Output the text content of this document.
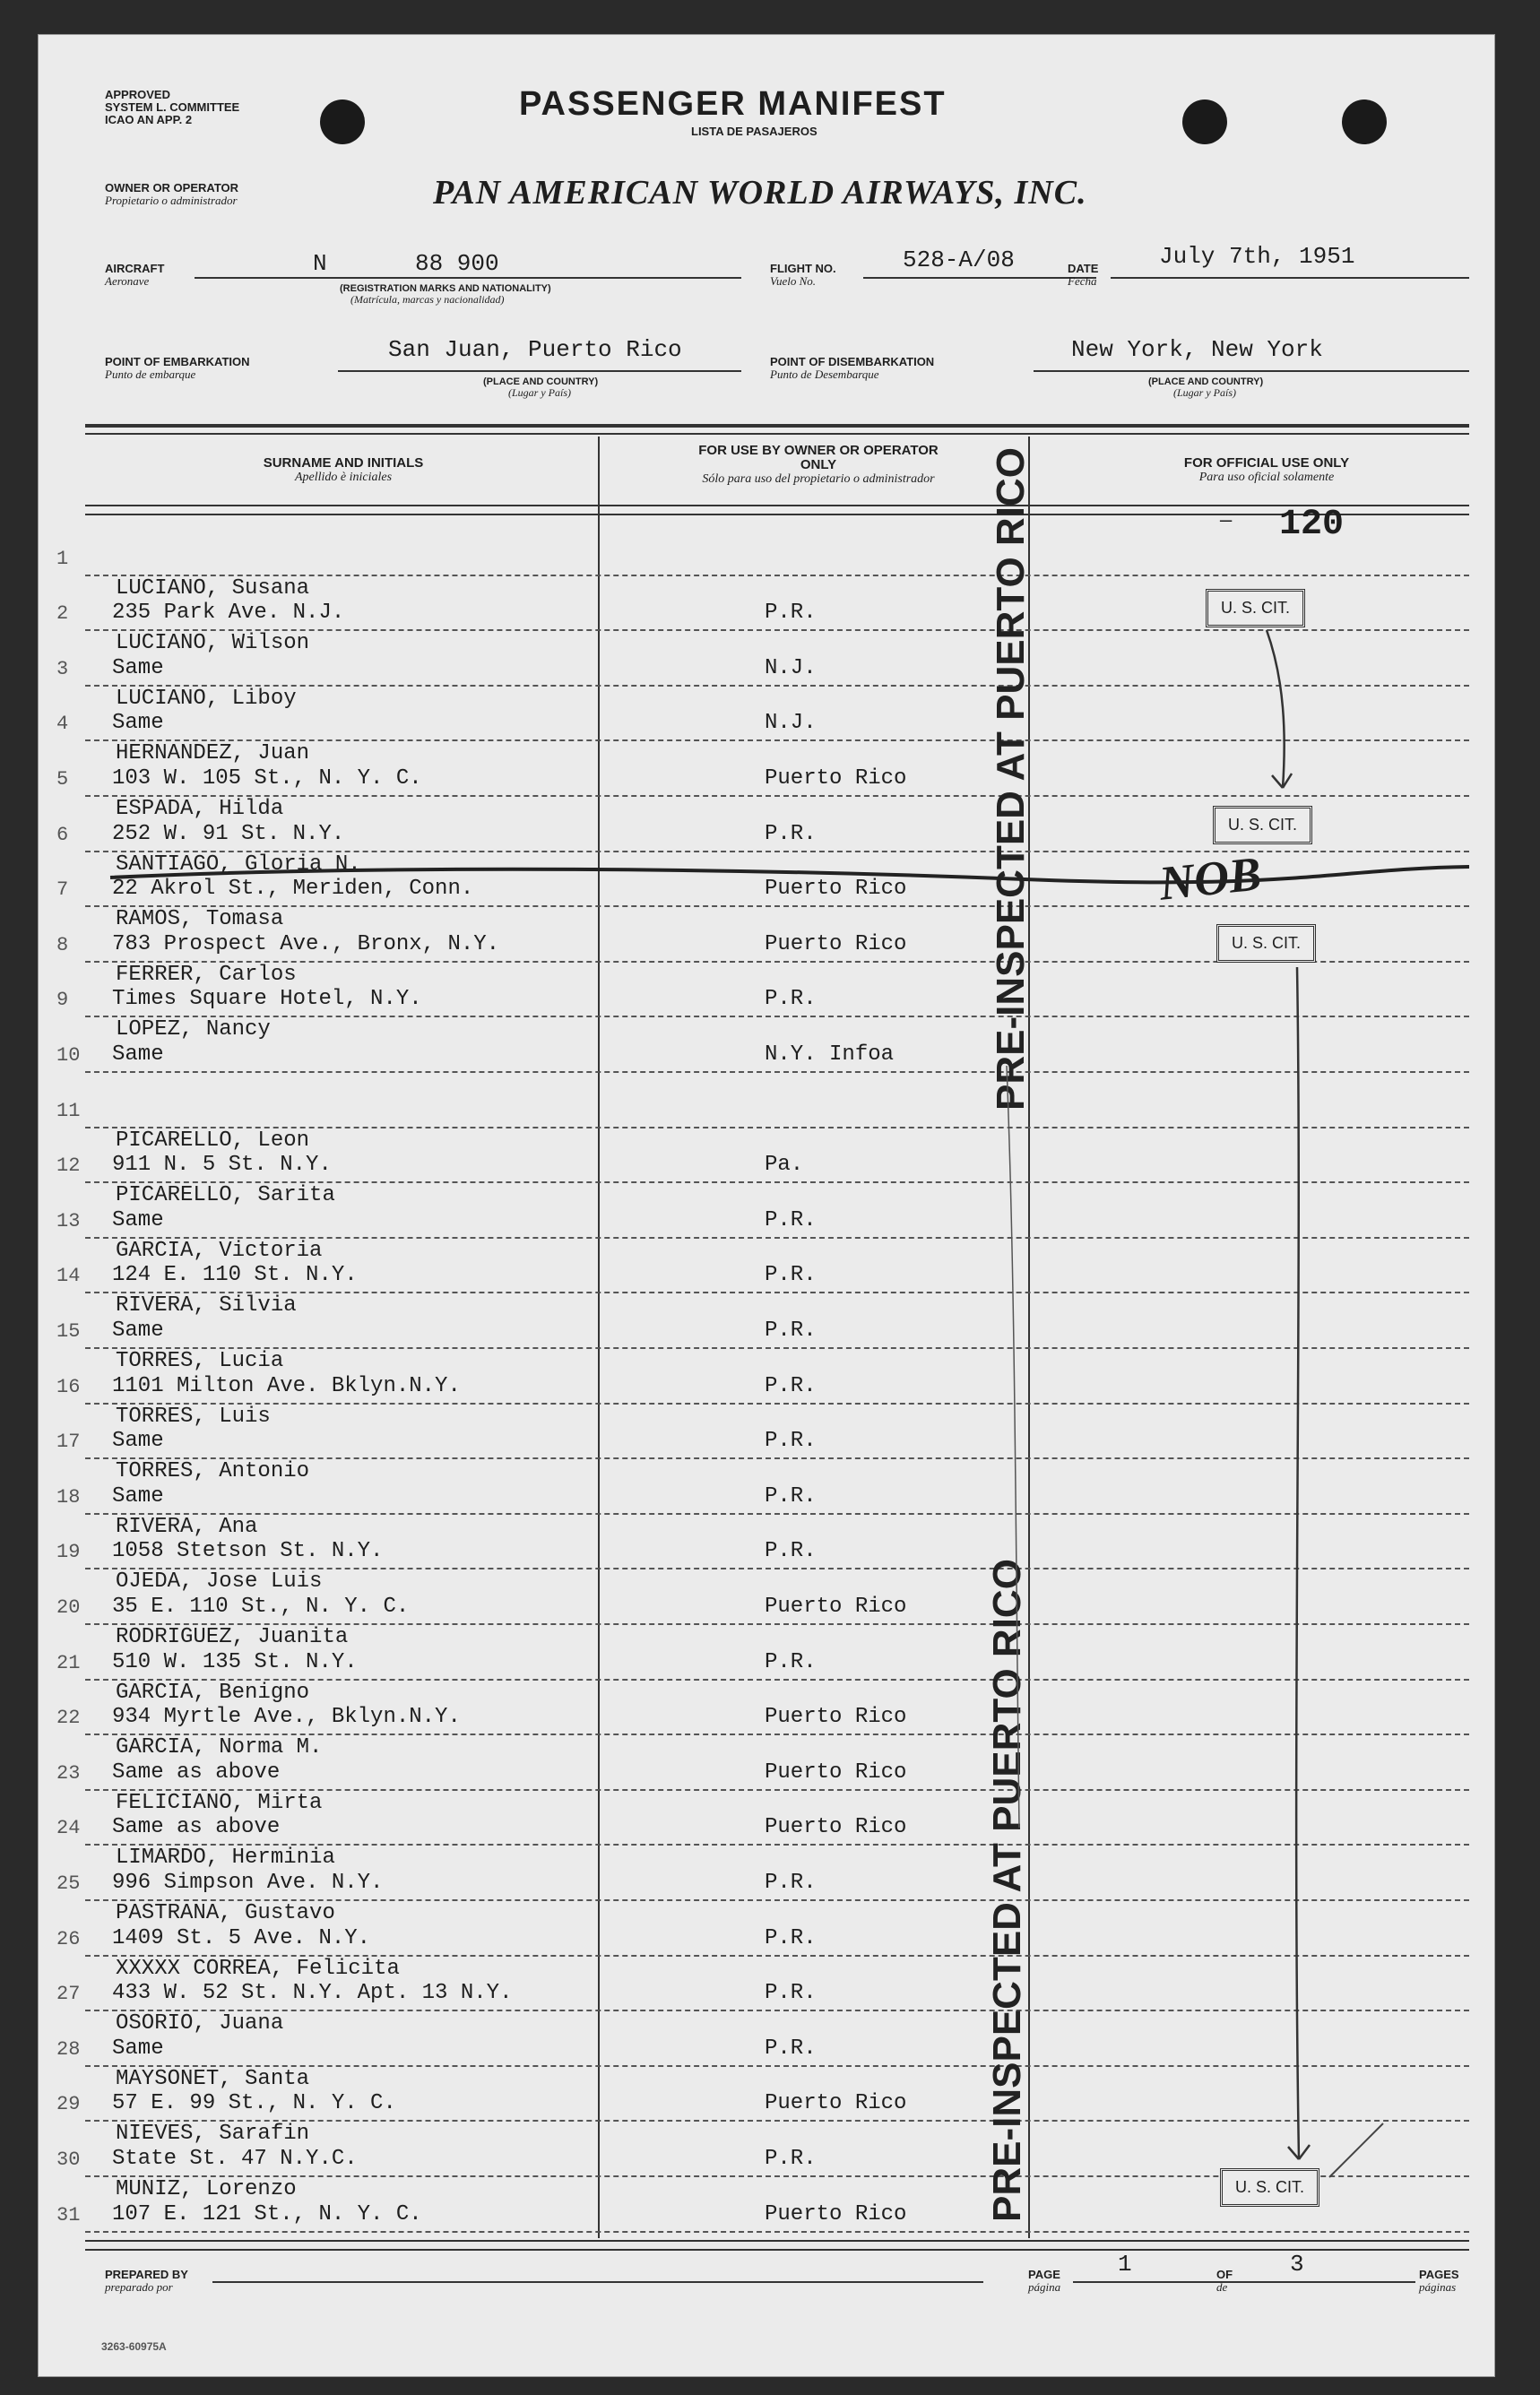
APPROVED
SYSTEM L. COMMITTEE
ICAO AN APP. 2	PASSENGER MANIFEST
LISTA DE PASAJEROS
OWNER OR OPERATOR
Propietario o administrador	PAN AMERICAN WORLD AIRWAYS, INC.
AIRCRAFT
Aeronave
N	88 900
(REGISTRATION MARKS AND NATIONALITY)
(Matrícula, marcas y nacionalidad)
FLIGHT NO.
Vuelo No.
528-A/08	DATE
Fecha
July 7th, 1951
POINT OF EMBARKATION
Punto de embarque
San Juan, Puerto Rico
(PLACE AND COUNTRY)
(Lugar y País)
POINT OF DISEMBARKATION
Punto de Desembarque
New York, New York
(PLACE AND COUNTRY)
(Lugar y País)
SURNAME AND INITIALS
Apellido è iniciales
FOR USE BY OWNER OR OPERATOR ONLY
Sólo para uso del propietario o administrador
FOR OFFICIAL USE ONLY
Para uso oficial solamente
— 120
1
2
LUCIANO, Susana
235 Park Ave. N.J.	P.R.
3
LUCIANO, Wilson
Same	N.J.
4
LUCIANO, Liboy
Same	N.J.
5
HERNANDEZ, Juan
103 W. 105 St., N. Y. C.	Puerto Rico
6
ESPADA, Hilda
252 W. 91 St. N.Y.	P.R.
7
SANTIAGO, Gloria N.
22 Akrol St., Meriden, Conn.	Puerto Rico
8
RAMOS, Tomasa
783 Prospect Ave., Bronx, N.Y.	Puerto Rico
9
FERRER, Carlos
Times Square Hotel, N.Y.	P.R.
10
LOPEZ, Nancy
Same	N.Y. Infoa
11
12
PICARELLO, Leon
911 N. 5 St. N.Y.	Pa.
13
PICARELLO, Sarita
Same	P.R.
14
GARCIA, Victoria
124 E. 110 St. N.Y.	P.R.
15
RIVERA, Silvia
Same	P.R.
16
TORRES, Lucia
1101 Milton Ave. Bklyn.N.Y.	P.R.
17
TORRES, Luis
Same	P.R.
18
TORRES, Antonio
Same	P.R.
19
RIVERA, Ana
1058 Stetson St. N.Y.	P.R.
20
OJEDA, Jose Luis
35 E. 110 St., N. Y. C.	Puerto Rico
21
RODRIGUEZ, Juanita
510 W. 135 St. N.Y.	P.R.
22
GARCIA, Benigno
934 Myrtle Ave., Bklyn.N.Y.	Puerto Rico
23
GARCIA, Norma M.
Same as above	Puerto Rico
24
FELICIANO, Mirta
Same as above	Puerto Rico
25
LIMARDO, Herminia
996 Simpson Ave. N.Y.	P.R.
26
PASTRANA, Gustavo
1409 St. 5 Ave. N.Y.	P.R.
27
XXXXX CORREA, Felicita
433 W. 52 St. N.Y. Apt. 13 N.Y.	P.R.
28
OSORIO, Juana
Same	P.R.
29
MAYSONET, Santa
57 E. 99 St., N. Y. C.	Puerto Rico
30
NIEVES, Sarafin
State St. 47 N.Y.C.	P.R.
31
MUNIZ, Lorenzo
107 E. 121 St., N. Y. C.	Puerto Rico
U. S. CIT.
U. S. CIT.
U. S. CIT.
U. S. CIT.
PRE-INSPECTED AT PUERTO RICO
PRE-INSPECTED AT PUERTO RICO
NOB
PREPARED BY
preparado por
PAGE
página
1	OF
de
3	PAGES
páginas
3263-60975A
